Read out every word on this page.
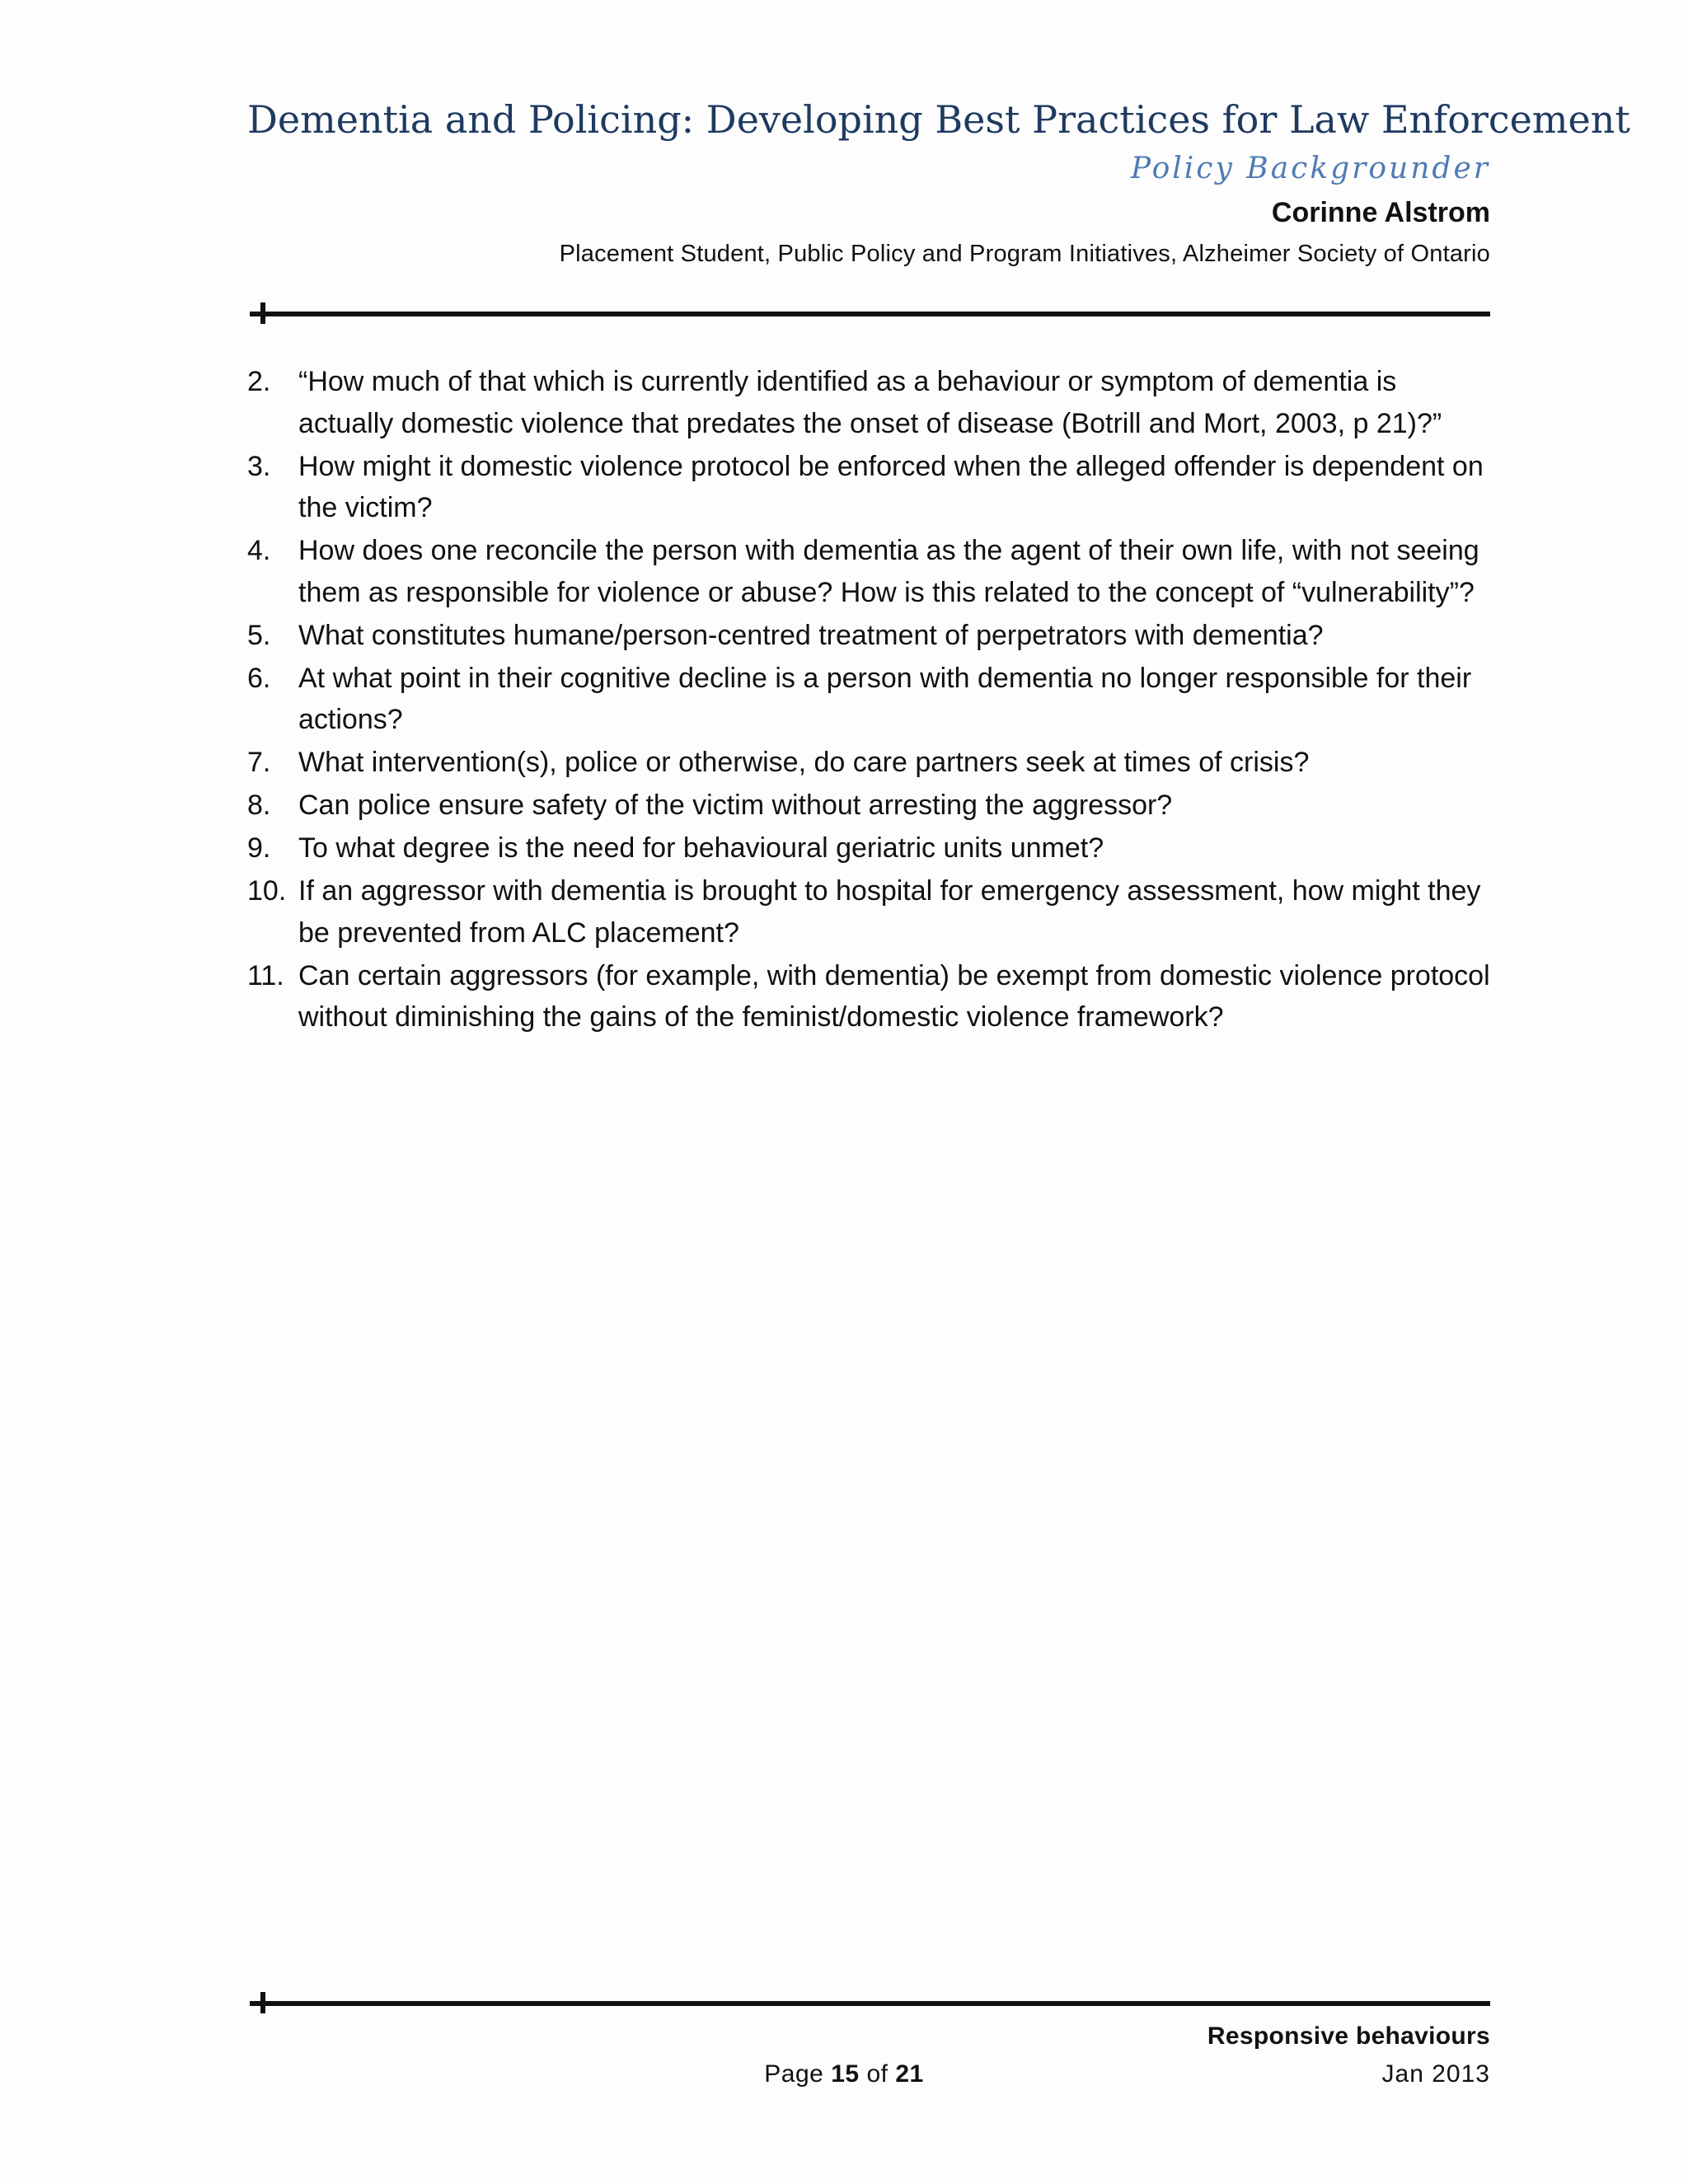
Dementia and Policing: Developing Best Practices for Law Enforcement
Policy Backgrounder
Corinne Alstrom
Placement Student, Public Policy and Program Initiatives, Alzheimer Society of Ontario
2. “How much of that which is currently identified as a behaviour or symptom of dementia is actually domestic violence that predates the onset of disease (Botrill and Mort, 2003, p 21)?”
3. How might it domestic violence protocol be enforced when the alleged offender is dependent on the victim?
4. How does one reconcile the person with dementia as the agent of their own life, with not seeing them as responsible for violence or abuse? How is this related to the concept of “vulnerability”?
5. What constitutes humane/person-centred treatment of perpetrators with dementia?
6. At what point in their cognitive decline is a person with dementia no longer responsible for their actions?
7. What intervention(s), police or otherwise, do care partners seek at times of crisis?
8. Can police ensure safety of the victim without arresting the aggressor?
9. To what degree is the need for behavioural geriatric units unmet?
10. If an aggressor with dementia is brought to hospital for emergency assessment, how might they be prevented from ALC placement?
11. Can certain aggressors (for example, with dementia) be exempt from domestic violence protocol without diminishing the gains of the feminist/domestic violence framework?
Responsive behaviours
Page 15 of 21	Jan 2013
